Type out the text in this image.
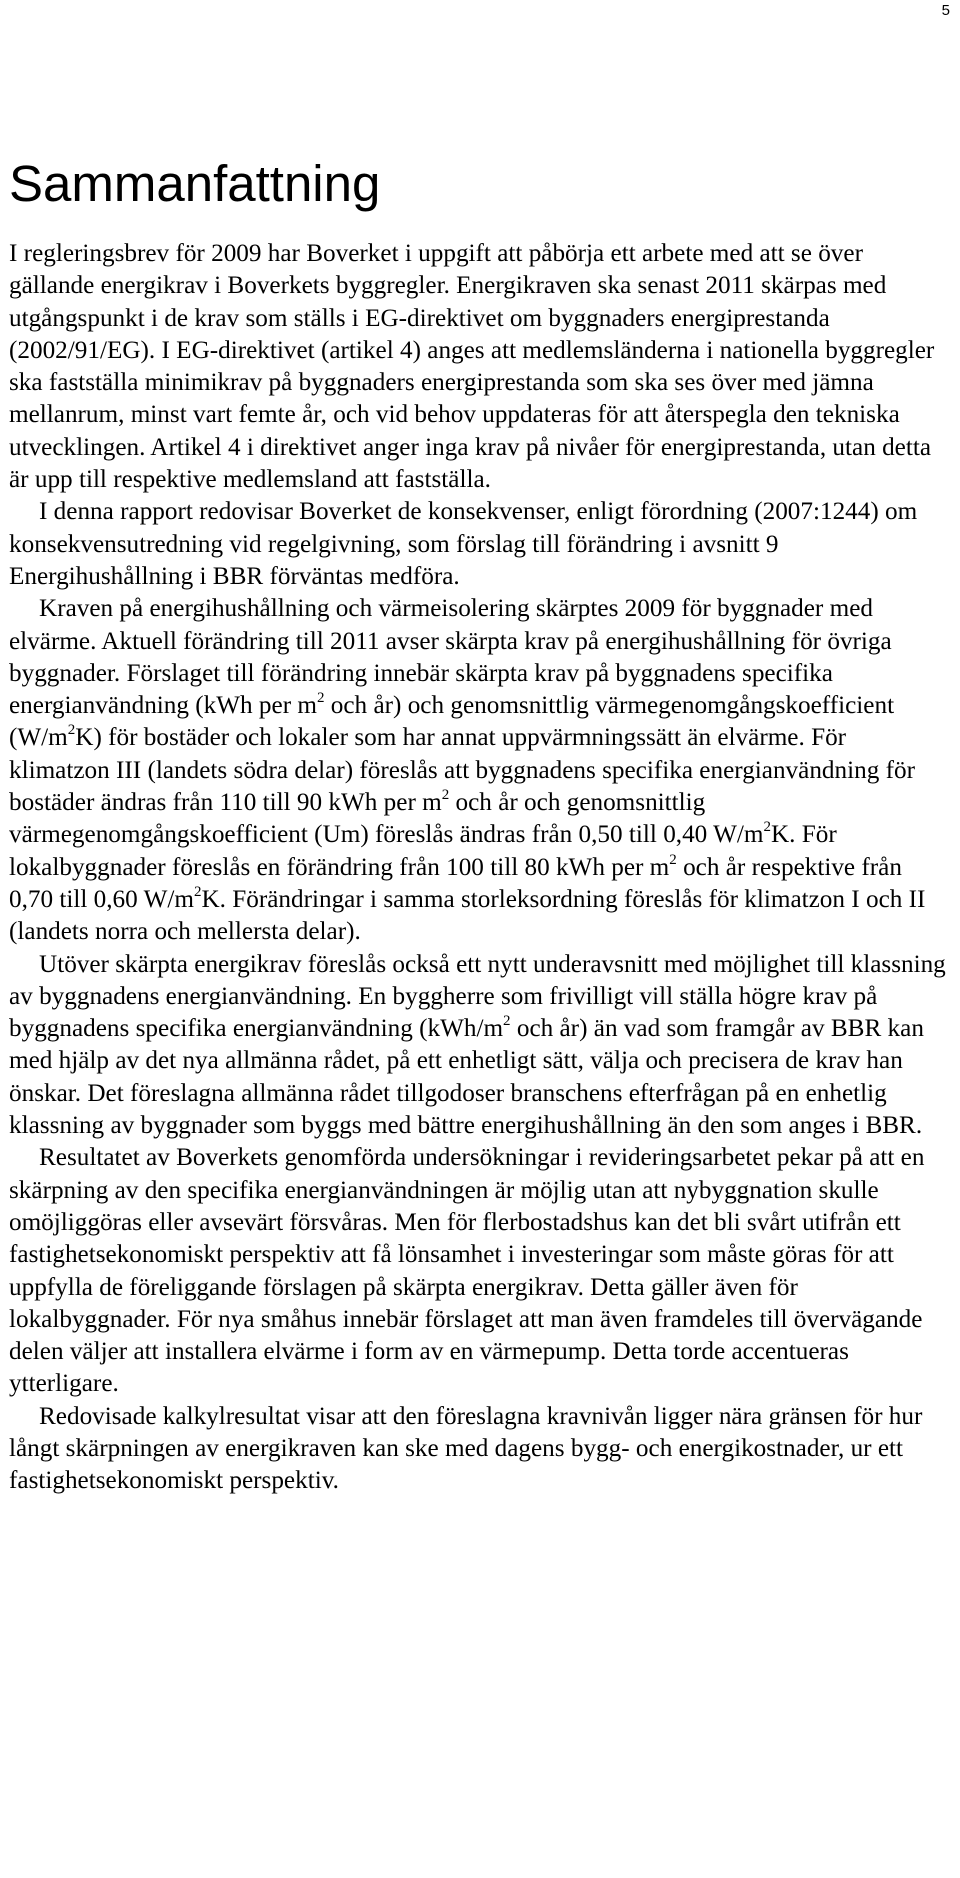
5
Sammanfattning

I regleringsbrev för 2009 har Boverket i uppgift att påbörja ett arbete med att se över gällande energikrav i Boverkets byggregler. Energikraven ska senast 2011 skärpas med utgångspunkt i de krav som ställs i EG-direktivet om byggnaders energiprestanda (2002/91/EG). I EG-direktivet (artikel 4) anges att medlemsländerna i nationella byggregler ska fastställa minimikrav på byggnaders energiprestanda som ska ses över med jämna mellanrum, minst vart femte år, och vid behov uppdateras för att återspegla den tekniska utvecklingen. Artikel 4 i direktivet anger inga krav på nivåer för energiprestanda, utan detta är upp till respektive medlemsland att fastställa.

I denna rapport redovisar Boverket de konsekvenser, enligt förordning (2007:1244) om konsekvensutredning vid regelgivning, som förslag till förändring i avsnitt 9 Energihushållning i BBR förväntas medföra.

Kraven på energihushållning och värmeisolering skärptes 2009 för byggnader med elvärme. Aktuell förändring till 2011 avser skärpta krav på energihushållning för övriga byggnader. Förslaget till förändring innebär skärpta krav på byggnadens specifika energianvändning (kWh per $m^2$ och år) och genomsnittlig värmegenomgångskoefficient $(W/m^2K)$ för bostäder och lokaler som har annat uppvärmningssätt än elvärme. För klimatzon III (landets södra delar) föreslås att byggnadens specifika energianvändning för bostäder ändras från 110 till 90 kWh per $m^2$ och år och genomsnittlig värmegenomgångskoefficient (Um) föreslås ändras från 0,50 till 0,40 $W/m^2K$. För lokalbyggnader föreslås en förändring från 100 till 80 kWh per $m^2$ och år respektive från 0,70 till 0,60 $W/m^2K$. Förändringar i samma storleksordning föreslås för klimatzon I och II (landets norra och mellersta delar).

Utöver skärpta energikrav föreslås också ett nytt underavsnitt med möjlighet till klassning av byggnadens energianvändning. En byggherre som frivilligt vill ställa högre krav på byggnadens specifika energianvändning ($kWh/m^2$ och år) än vad som framgår av BBR kan med hjälp av det nya allmänna rådet, på ett enhetligt sätt, välja och precisera de krav han önskar. Det föreslagna allmänna rådet tillgodoser branschens efterfrågan på en enhetlig klassning av byggnader som byggs med bättre energihushållning än den som anges i BBR.

Resultatet av Boverkets genomförda undersökningar i revideringsarbetet pekar på att en skärpning av den specifika energianvändningen är möjlig utan att nybyggnation skulle omöjliggöras eller avsevärt försvåras. Men för flerbostadshus kan det bli svårt utifrån ett fastighetsekonomiskt perspektiv att få lönsamhet i investeringar som måste göras för att uppfylla de föreliggande förslagen på skärpta energikrav. Detta gäller även för lokalbyggnader. För nya småhus innebär förslaget att man även framdeles till övervägande delen väljer att installera elvärme i form av en värmepump. Detta torde accentueras ytterligare.

Redovisade kalkylresultat visar att den föreslagna kravnivån ligger nära gränsen för hur långt skärpningen av energikraven kan ske med dagens bygg- och energikostnader, ur ett fastighetsekonomiskt perspektiv.
